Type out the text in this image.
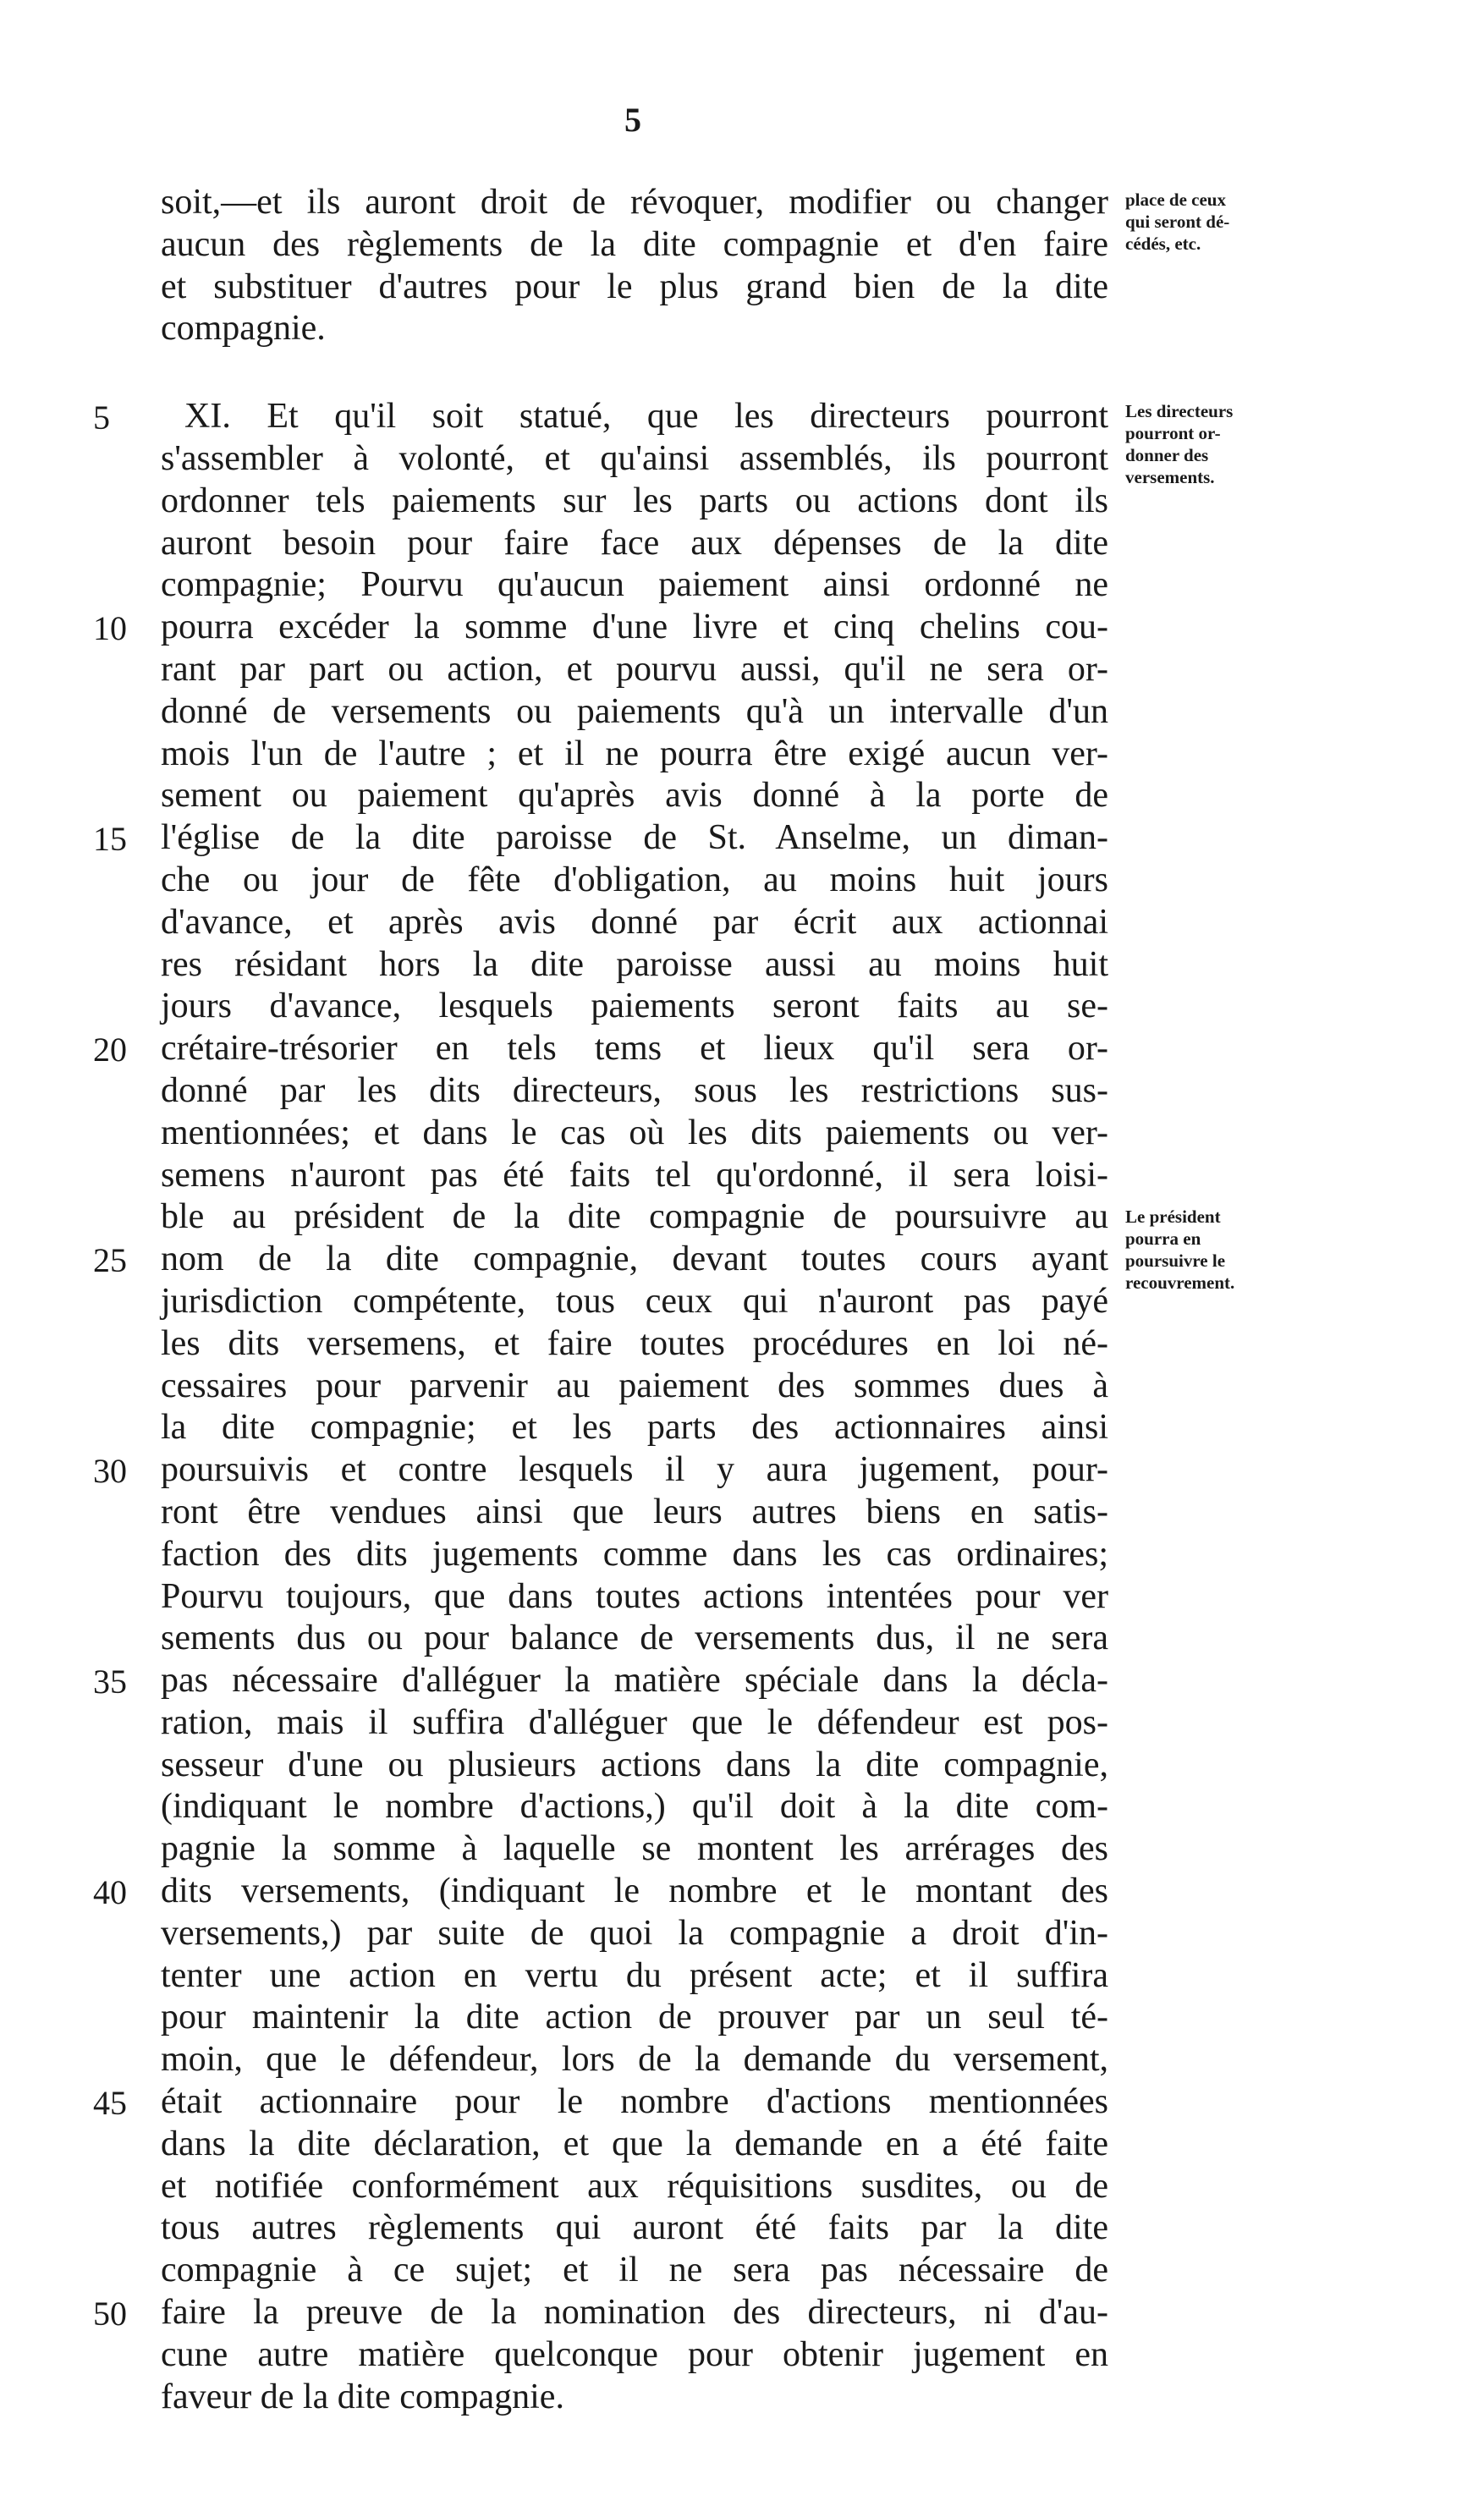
5
5
10
15
20
25
30
35
40
45
50
soit,—et ils auront droit de révoquer, modifier ou changer
aucun des règlements de la dite compagnie et d'en faire
et substituer d'autres pour le plus grand bien de la dite
compagnie.
XI. Et qu'il soit statué, que les directeurs pourront
s'assembler à volonté, et qu'ainsi assemblés, ils pourront
ordonner tels paiements sur les parts ou actions dont ils
auront besoin pour faire face aux dépenses de la dite
compagnie; Pourvu qu'aucun paiement ainsi ordonné ne
pourra excéder la somme d'une livre et cinq chelins cou-
rant par part ou action, et pourvu aussi, qu'il ne sera or-
donné de versements ou paiements qu'à un intervalle d'un
mois l'un de l'autre ; et il ne pourra être exigé aucun ver-
sement ou paiement qu'après avis donné à la porte de
l'église de la dite paroisse de St. Anselme, un diman-
che ou jour de fête d'obligation, au moins huit jours
d'avance, et après avis donné par écrit aux actionnai
res résidant hors la dite paroisse aussi au moins huit
jours d'avance, lesquels paiements seront faits au se-
crétaire-trésorier en tels tems et lieux qu'il sera or-
donné par les dits directeurs, sous les restrictions sus-
mentionnées; et dans le cas où les dits paiements ou ver-
semens n'auront pas été faits tel qu'ordonné, il sera loisi-
ble au président de la dite compagnie de poursuivre au
nom de la dite compagnie, devant toutes cours ayant
jurisdiction compétente, tous ceux qui n'auront pas payé
les dits versemens, et faire toutes procédures en loi né-
cessaires pour parvenir au paiement des sommes dues à
la dite compagnie; et les parts des actionnaires ainsi
poursuivis et contre lesquels il y aura jugement, pour-
ront être vendues ainsi que leurs autres biens en satis-
faction des dits jugements comme dans les cas ordinaires;
Pourvu toujours, que dans toutes actions intentées pour ver
sements dus ou pour balance de versements dus, il ne sera
pas nécessaire d'alléguer la matière spéciale dans la décla-
ration, mais il suffira d'alléguer que le défendeur est pos-
sesseur d'une ou plusieurs actions dans la dite compagnie,
(indiquant le nombre d'actions,) qu'il doit à la dite com-
pagnie la somme à laquelle se montent les arrérages des
dits versements, (indiquant le nombre et le montant des
versements,) par suite de quoi la compagnie a droit d'in-
tenter une action en vertu du présent acte; et il suffira
pour maintenir la dite action de prouver par un seul té-
moin, que le défendeur, lors de la demande du versement,
était actionnaire pour le nombre d'actions mentionnées
dans la dite déclaration, et que la demande en a été faite
et notifiée conformément aux réquisitions susdites, ou de
tous autres règlements qui auront été faits par la dite
compagnie à ce sujet; et il ne sera pas nécessaire de
faire la preuve de la nomination des directeurs, ni d'au-
cune autre matière quelconque pour obtenir jugement en
faveur de la dite compagnie.
place de ceux
qui seront dé-
cédés, etc.
Les directeurs
pourront or-
donner des
versements.
Le président
pourra en
poursuivre le
recouvrement.
